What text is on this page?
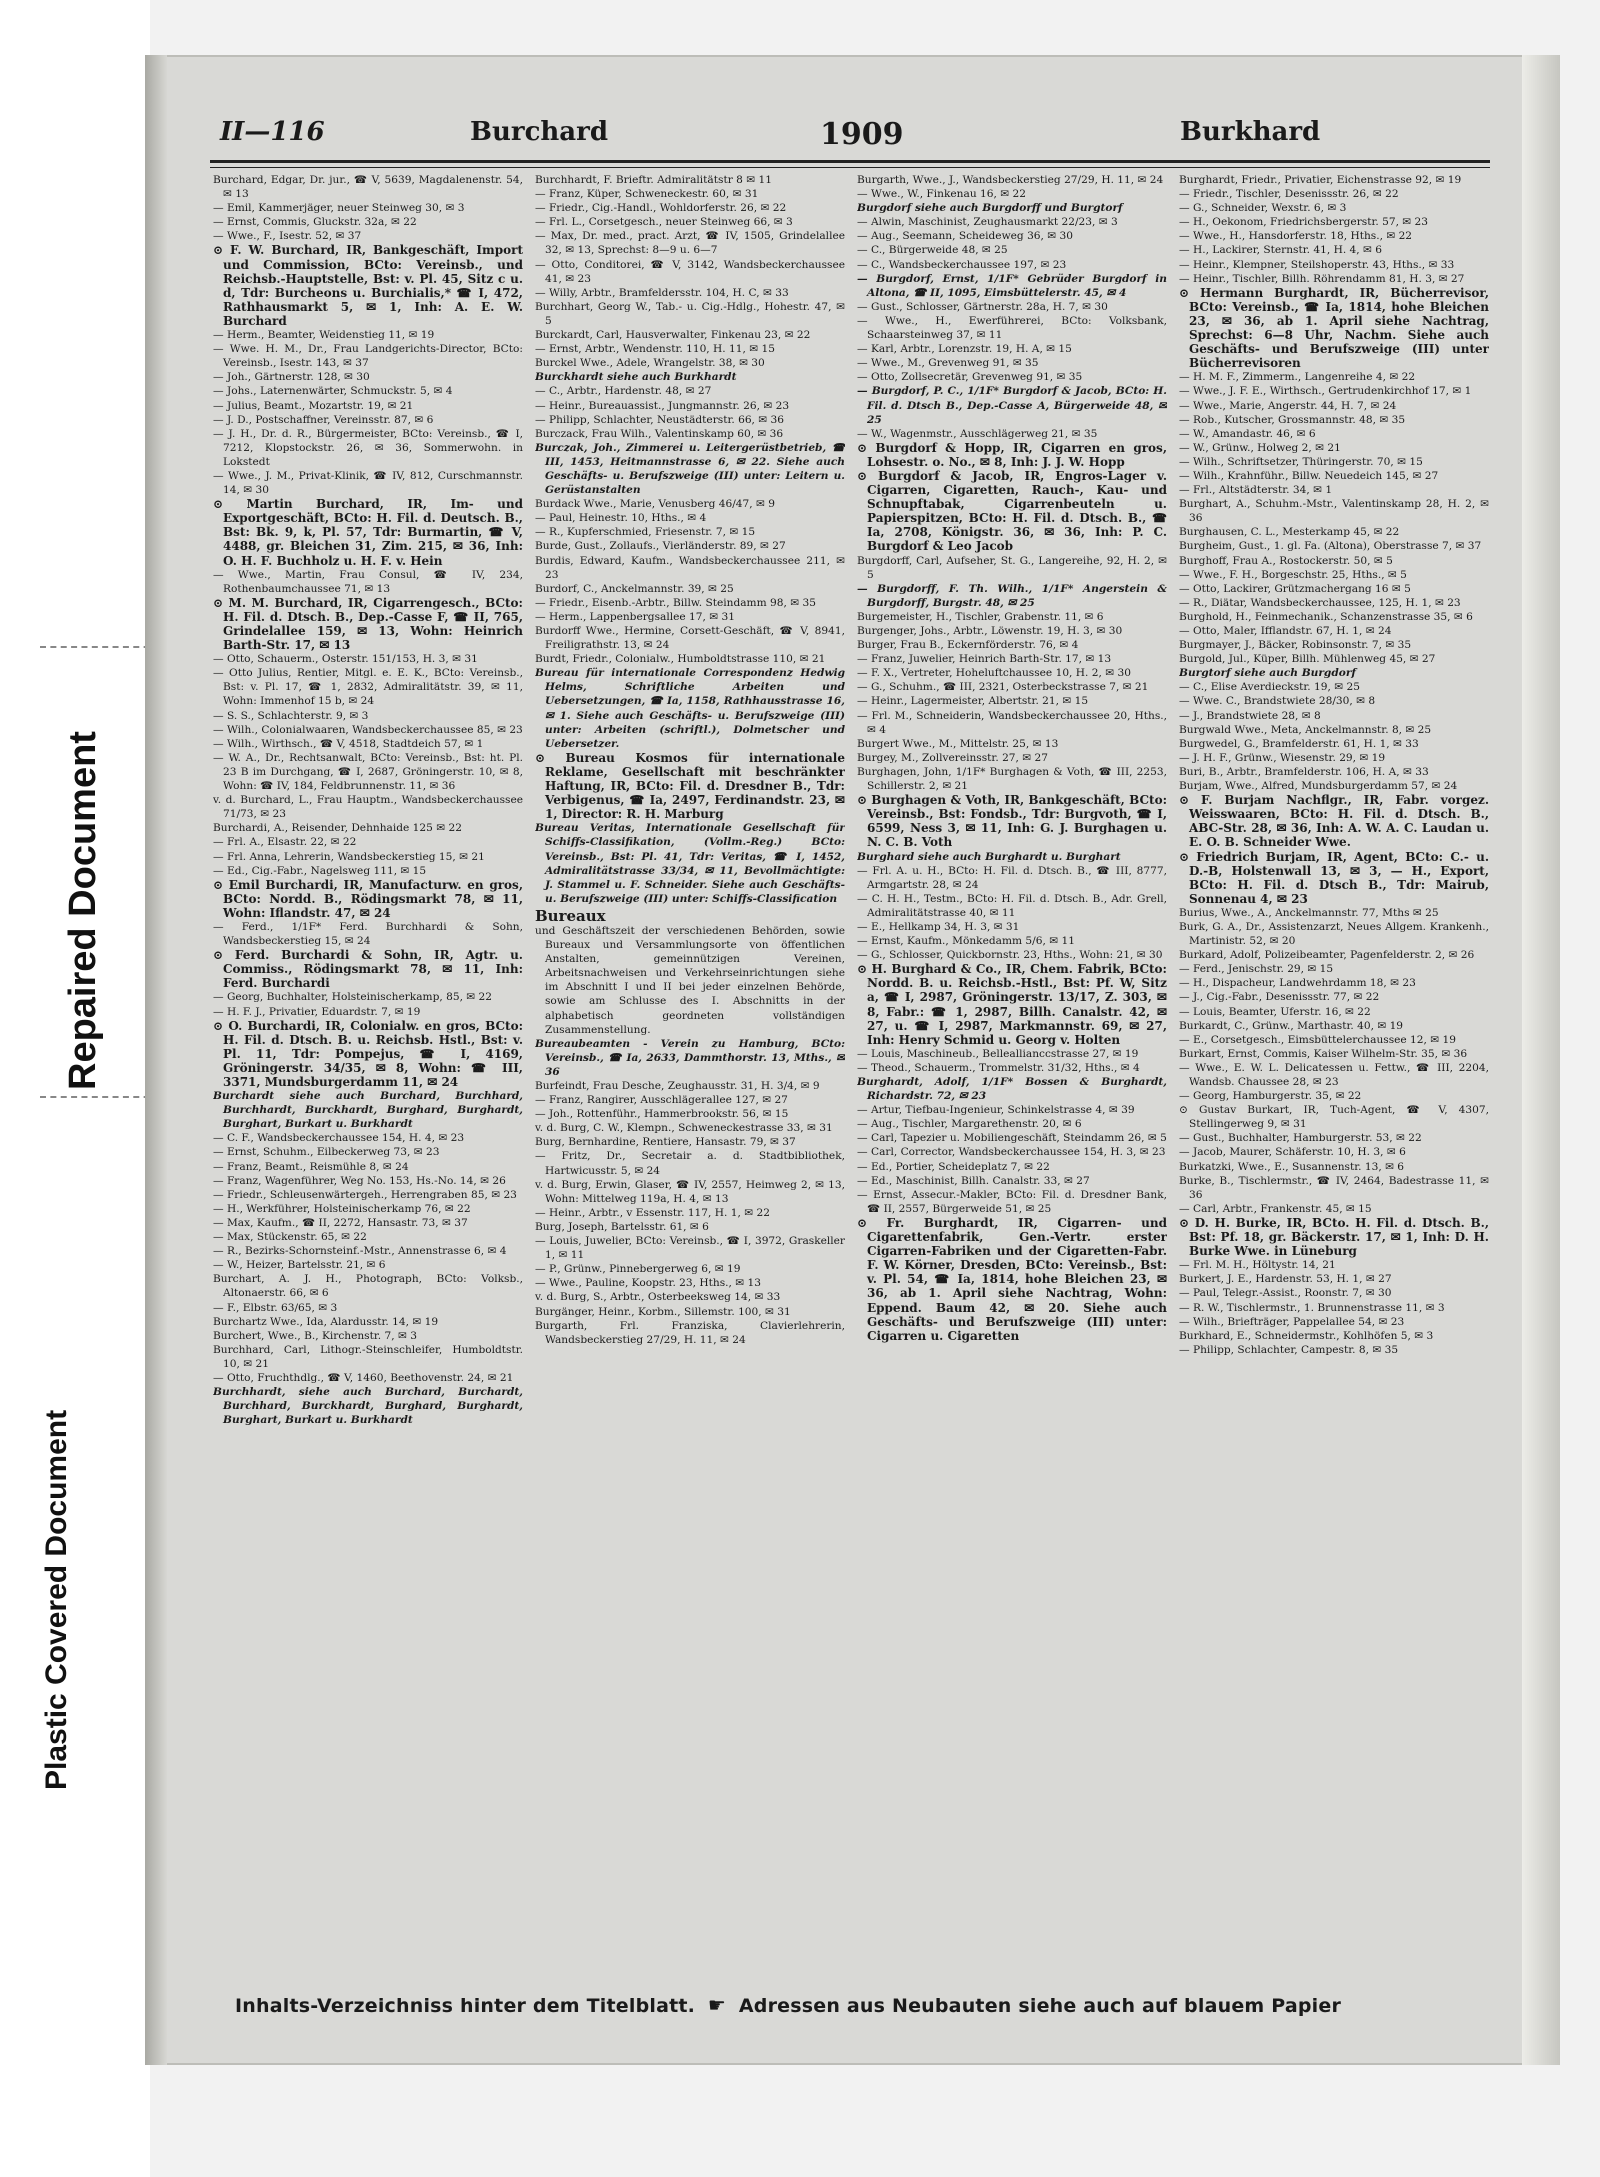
Repaired Document
Plastic Covered Document
II—116	Burchard	1909	Burkhard

Burchard, Edgar, Dr. jur., ☎ V, 5639, Magdalenenstr. 54, ✉ 13

— Emil, Kammerjäger, neuer Steinweg 30, ✉ 3

— Ernst, Commis, Gluckstr. 32a, ✉ 22

— Wwe., F., Isestr. 52, ✉ 37

⊙ F. W. Burchard, IR, Bankgeschäft, Import und Commission, BCto: Vereinsb., und Reichsb.-Hauptstelle, Bst: v. Pl. 45, Sitz c u. d, Tdr: Burcheons u. Burchialis,* ☎ I, 472, Rathhausmarkt 5, ✉ 1, Inh: A. E. W. Burchard

— Herm., Beamter, Weidenstieg 11, ✉ 19

— Wwe. H. M., Dr., Frau Landgerichts-Director, BCto: Vereinsb., Isestr. 143, ✉ 37

— Joh., Gärtnerstr. 128, ✉ 30

— Johs., Laternenwärter, Schmuckstr. 5, ✉ 4

— Julius, Beamt., Mozartstr. 19, ✉ 21

— J. D., Postschaffner, Vereinsstr. 87, ✉ 6

— J. H., Dr. d. R., Bürgermeister, BCto: Vereinsb., ☎ I, 7212, Klopstockstr. 26, ✉ 36, Sommerwohn. in Lokstedt

— Wwe., J. M., Privat-Klinik, ☎ IV, 812, Curschmannstr. 14, ✉ 30

⊙ Martin Burchard, IR, Im- und Exportgeschäft, BCto: H. Fil. d. Deutsch. B., Bst: Bk. 9, k, Pl. 57, Tdr: Burmartin, ☎ V, 4488, gr. Bleichen 31, Zim. 215, ✉ 36, Inh: O. H. F. Buchholz u. H. F. v. Hein

— Wwe., Martin, Frau Consul, ☎ IV, 234, Rothenbaumchaussee 71, ✉ 13

⊙ M. M. Burchard, IR, Cigarrengesch., BCto: H. Fil. d. Dtsch. B., Dep.-Casse F, ☎ II, 765, Grindelallee 159, ✉ 13, Wohn: Heinrich Barth-Str. 17, ✉ 13

— Otto, Schauerm., Osterstr. 151/153, H. 3, ✉ 31

— Otto Julius, Rentier, Mitgl. e. E. K., BCto: Vereinsb., Bst: v. Pl. 17, ☎ 1, 2832, Admiralitätstr. 39, ✉ 11, Wohn: Immenhof 15 b, ✉ 24

— S. S., Schlachterstr. 9, ✉ 3

— Wilh., Colonialwaaren, Wandsbeckerchaussee 85, ✉ 23

— Wilh., Wirthsch., ☎ V, 4518, Stadtdeich 57, ✉ 1

— W. A., Dr., Rechtsanwalt, BCto: Vereinsb., Bst: ht. Pl. 23 B im Durchgang, ☎ I, 2687, Gröningerstr. 10, ✉ 8, Wohn: ☎ IV, 184, Feldbrunnenstr. 11, ✉ 36

v. d. Burchard, L., Frau Hauptm., Wandsbeckerchaussee 71/73, ✉ 23

Burchardi, A., Reisender, Dehnhaide 125 ✉ 22

— Frl. A., Elsastr. 22, ✉ 22

— Frl. Anna, Lehrerin, Wandsbeckerstieg 15, ✉ 21

— Ed., Cig.-Fabr., Nagelsweg 111, ✉ 15

⊙ Emil Burchardi, IR, Manufacturw. en gros, BCto: Nordd. B., Rödingsmarkt 78, ✉ 11, Wohn: Iflandstr. 47, ✉ 24

— Ferd., 1/1F* Ferd. Burchhardi & Sohn, Wandsbeckerstieg 15, ✉ 24

⊙ Ferd. Burchardi & Sohn, IR, Agtr. u. Commiss., Rödingsmarkt 78, ✉ 11, Inh: Ferd. Burchardi

— Georg, Buchhalter, Holsteinischerkamp, 85, ✉ 22

— H. F. J., Privatier, Eduardstr. 7, ✉ 19

⊙ O. Burchardi, IR, Colonialw. en gros, BCto: H. Fil. d. Dtsch. B. u. Reichsb. Hstl., Bst: v. Pl. 11, Tdr: Pompejus, ☎ I, 4169, Gröningerstr. 34/35, ✉ 8, Wohn: ☎ III, 3371, Mundsburgerdamm 11, ✉ 24

Burchardt siehe auch Burchard, Burchhard, Burchhardt, Burckhardt, Burghard, Burghardt, Burghart, Burkart u. Burkhardt

— C. F., Wandsbeckerchaussee 154, H. 4, ✉ 23

— Ernst, Schuhm., Eilbeckerweg 73, ✉ 23

— Franz, Beamt., Reismühle 8, ✉ 24

— Franz, Wagenführer, Weg No. 153, Hs.-No. 14, ✉ 26

— Friedr., Schleusenwärtergeh., Herrengraben 85, ✉ 23

— H., Werkführer, Holsteinischerkamp 76, ✉ 22

— Max, Kaufm., ☎ II, 2272, Hansastr. 73, ✉ 37

— Max, Stückenstr. 65, ✉ 22

— R., Bezirks-Schornsteinf.-Mstr., Annenstrasse 6, ✉ 4

— W., Heizer, Bartelsstr. 21, ✉ 6

Burchart, A. J. H., Photograph, BCto: Volksb., Altonaerstr. 66, ✉ 6

— F., Elbstr. 63/65, ✉ 3

Burchartz Wwe., Ida, Alardusstr. 14, ✉ 19

Burchert, Wwe., B., Kirchenstr. 7, ✉ 3

Burchhard, Carl, Lithogr.-Steinschleifer, Humboldtstr. 10, ✉ 21

— Otto, Fruchthdlg., ☎ V, 1460, Beethovenstr. 24, ✉ 21

Burchhardt, siehe auch Burchard, Burchardt, Burchhard, Burckhardt, Burghard, Burghardt, Burghart, Burkart u. Burkhardt

Burchhardt, F. Brieftr. Admiralitätstr 8 ✉ 11

— Franz, Küper, Schweneckestr. 60, ✉ 31

— Friedr., Cig.-Handl., Wohldorferstr. 26, ✉ 22

— Frl. L., Corsetgesch., neuer Steinweg 66, ✉ 3

— Max, Dr. med., pract. Arzt, ☎ IV, 1505, Grindelallee 32, ✉ 13, Sprechst: 8—9 u. 6—7

— Otto, Conditorei, ☎ V, 3142, Wandsbeckerchaussee 41, ✉ 23

— Willy, Arbtr., Bramfeldersstr. 104, H. C, ✉ 33

Burchhart, Georg W., Tab.- u. Cig.-Hdlg., Hohestr. 47, ✉ 5

Burckardt, Carl, Hausverwalter, Finkenau 23, ✉ 22

— Ernst, Arbtr., Wendenstr. 110, H. 11, ✉ 15

Burckel Wwe., Adele, Wrangelstr. 38, ✉ 30

Burckhardt siehe auch Burkhardt

— C., Arbtr., Hardenstr. 48, ✉ 27

— Heinr., Bureauassist., Jungmannstr. 26, ✉ 23

— Philipp, Schlachter, Neustädterstr. 66, ✉ 36

Burczack, Frau Wilh., Valentinskamp 60, ✉ 36

Burczak, Joh., Zimmerei u. Leitergerüstbetrieb, ☎ III, 1453, Heitmannstrasse 6, ✉ 22. Siehe auch Geschäfts- u. Berufszweige (III) unter: Leitern u. Gerüstanstalten

Burdack Wwe., Marie, Venusberg 46/47, ✉ 9

— Paul, Heinestr. 10, Hths., ✉ 4

— R., Kupferschmied, Friesenstr. 7, ✉ 15

Burde, Gust., Zollaufs., Vierländerstr. 89, ✉ 27

Burdis, Edward, Kaufm., Wandsbeckerchaussee 211, ✉ 23

Burdorf, C., Anckelmannstr. 39, ✉ 25

— Friedr., Eisenb.-Arbtr., Billw. Steindamm 98, ✉ 35

— Herm., Lappenbergsallee 17, ✉ 31

Burdorff Wwe., Hermine, Corsett-Geschäft, ☎ V, 8941, Freiligrathstr. 13, ✉ 24

Burdt, Friedr., Colonialw., Humboldtstrasse 110, ✉ 21

Bureau für internationale Correspondenz Hedwig Helms, Schriftliche Arbeiten und Uebersetzungen, ☎ Ia, 1158, Rathhausstrasse 16, ✉ 1. Siehe auch Geschäfts- u. Berufszweige (III) unter: Arbeiten (schriftl.), Dolmetscher und Uebersetzer.

⊙ Bureau Kosmos für internationale Reklame, Gesellschaft mit beschränkter Haftung, IR, BCto: Fil. d. Dresdner B., Tdr: Verbigenus, ☎ Ia, 2497, Ferdinandstr. 23, ✉ 1, Director: R. H. Marburg

Bureau Veritas, Internationale Gesellschaft für Schiffs-Classifikation, (Vollm.-Reg.) BCto: Vereinsb., Bst: Pl. 41, Tdr: Veritas, ☎ I, 1452, Admiralitätstrasse 33/34, ✉ 11, Bevollmächtigte: J. Stammel u. F. Schneider. Siehe auch Geschäfts- u. Berufszweige (III) unter: Schiffs-Classification

Bureaux

und Geschäftszeit der verschiedenen Behörden, sowie Bureaux und Versammlungsorte von öffentlichen Anstalten, gemeinnützigen Vereinen, Arbeitsnachweisen und Verkehrseinrichtungen siehe im Abschnitt I und II bei jeder einzelnen Behörde, sowie am Schlusse des I. Abschnitts in der alphabetisch geordneten vollständigen Zusammenstellung.

Bureaubeamten - Verein zu Hamburg, BCto: Vereinsb., ☎ Ia, 2633, Dammthorstr. 13, Mths., ✉ 36

Burfeindt, Frau Desche, Zeughausstr. 31, H. 3/4, ✉ 9

— Franz, Rangirer, Ausschlägerallee 127, ✉ 27

— Joh., Rottenführ., Hammerbrookstr. 56, ✉ 15

v. d. Burg, C. W., Klempn., Schweneckestrasse 33, ✉ 31

Burg, Bernhardine, Rentiere, Hansastr. 79, ✉ 37

— Fritz, Dr., Secretair a. d. Stadtbibliothek, Hartwicusstr. 5, ✉ 24

v. d. Burg, Erwin, Glaser, ☎ IV, 2557, Heimweg 2, ✉ 13, Wohn: Mittelweg 119a, H. 4, ✉ 13

— Heinr., Arbtr., v Essenstr. 117, H. 1, ✉ 22

Burg, Joseph, Bartelsstr. 61, ✉ 6

— Louis, Juwelier, BCto: Vereinsb., ☎ I, 3972, Graskeller 1, ✉ 11

— P., Grünw., Pinnebergerweg 6, ✉ 19

— Wwe., Pauline, Koopstr. 23, Hths., ✉ 13

v. d. Burg, S., Arbtr., Osterbeeksweg 14, ✉ 33

Burgänger, Heinr., Korbm., Sillemstr. 100, ✉ 31

Burgarth, Frl. Franziska, Clavierlehrerin, Wandsbeckerstieg 27/29, H. 11, ✉ 24

Burgarth, Wwe., J., Wandsbeckerstieg 27/29, H. 11, ✉ 24

— Wwe., W., Finkenau 16, ✉ 22

Burgdorf siehe auch Burgdorff und Burgtorf

— Alwin, Maschinist, Zeughausmarkt 22/23, ✉ 3

— Aug., Seemann, Scheideweg 36, ✉ 30

— C., Bürgerweide 48, ✉ 25

— C., Wandsbeckerchaussee 197, ✉ 23

— Burgdorf, Ernst, 1/1F* Gebrüder Burgdorf in Altona, ☎ II, 1095, Eimsbüttelerstr. 45, ✉ 4

— Gust., Schlosser, Gärtnerstr. 28a, H. 7, ✉ 30

— Wwe., H., Ewerführerei, BCto: Volksbank, Schaarsteinweg 37, ✉ 11

— Karl, Arbtr., Lorenzstr. 19, H. A, ✉ 15

— Wwe., M., Grevenweg 91, ✉ 35

— Otto, Zollsecretär, Grevenweg 91, ✉ 35

— Burgdorf, P. C., 1/1F* Burgdorf & Jacob, BCto: H. Fil. d. Dtsch B., Dep.-Casse A, Bürgerweide 48, ✉ 25

— W., Wagenmstr., Ausschlägerweg 21, ✉ 35

⊙ Burgdorf & Hopp, IR, Cigarren en gros, Lohsestr. o. No., ✉ 8, Inh: J. J. W. Hopp

⊙ Burgdorf & Jacob, IR, Engros-Lager v. Cigarren, Cigaretten, Rauch-, Kau- und Schnupftabak, Cigarrenbeuteln u. Papierspitzen, BCto: H. Fil. d. Dtsch. B., ☎ Ia, 2708, Königstr. 36, ✉ 36, Inh: P. C. Burgdorf & Leo Jacob

Burgdorff, Carl, Aufseher, St. G., Langereihe, 92, H. 2, ✉ 5

— Burgdorff, F. Th. Wilh., 1/1F* Angerstein & Burgdorff, Burgstr. 48, ✉ 25

Burgemeister, H., Tischler, Grabenstr. 11, ✉ 6

Burgenger, Johs., Arbtr., Löwenstr. 19, H. 3, ✉ 30

Burger, Frau B., Eckernförderstr. 76, ✉ 4

— Franz, Juwelier, Heinrich Barth-Str. 17, ✉ 13

— F. X., Vertreter, Hoheluftchaussee 10, H. 2, ✉ 30

— G., Schuhm., ☎ III, 2321, Osterbeckstrasse 7, ✉ 21

— Heinr., Lagermeister, Albertstr. 21, ✉ 15

— Frl. M., Schneiderin, Wandsbeckerchaussee 20, Hths., ✉ 4

Burgert Wwe., M., Mittelstr. 25, ✉ 13

Burgey, M., Zollvereinsstr. 27, ✉ 27

Burghagen, John, 1/1F* Burghagen & Voth, ☎ III, 2253, Schillerstr. 2, ✉ 21

⊙ Burghagen & Voth, IR, Bankgeschäft, BCto: Vereinsb., Bst: Fondsb., Tdr: Burgvoth, ☎ I, 6599, Ness 3, ✉ 11, Inh: G. J. Burghagen u. N. C. B. Voth

Burghard siehe auch Burghardt u. Burghart

— Frl. A. u. H., BCto: H. Fil. d. Dtsch. B., ☎ III, 8777, Armgartstr. 28, ✉ 24

— C. H. H., Testm., BCto: H. Fil. d. Dtsch. B., Adr. Grell, Admiralitätstrasse 40, ✉ 11

— E., Hellkamp 34, H. 3, ✉ 31

— Ernst, Kaufm., Mönkedamm 5/6, ✉ 11

— G., Schlosser, Quickbornstr. 23, Hths., Wohn: 21, ✉ 30

⊙ H. Burghard & Co., IR, Chem. Fabrik, BCto: Nordd. B. u. Reichsb.-Hstl., Bst: Pf. W, Sitz a, ☎ I, 2987, Gröningerstr. 13/17, Z. 303, ✉ 8, Fabr.: ☎ 1, 2987, Billh. Canalstr. 42, ✉ 27, u. ☎ I, 2987, Markmannstr. 69, ✉ 27, Inh: Henry Schmid u. Georg v. Holten

— Louis, Maschineub., Belleallianccstrasse 27, ✉ 19

— Theod., Schauerm., Trommelstr. 31/32, Hths., ✉ 4

Burghardt, Adolf, 1/1F* Bossen & Burghardt, Richardstr. 72, ✉ 23

— Artur, Tiefbau-Ingenieur, Schinkelstrasse 4, ✉ 39

— Aug., Tischler, Margarethenstr. 20, ✉ 6

— Carl, Tapezier u. Mobiliengeschäft, Steindamm 26, ✉ 5

— Carl, Corrector, Wandsbeckerchaussee 154, H. 3, ✉ 23

— Ed., Portier, Scheideplatz 7, ✉ 22

— Ed., Maschinist, Billh. Canalstr. 33, ✉ 27

— Ernst, Assecur.-Makler, BCto: Fil. d. Dresdner Bank, ☎ II, 2557, Bürgerweide 51, ✉ 25

⊙ Fr. Burghardt, IR, Cigarren- und Cigarettenfabrik, Gen.-Vertr. erster Cigarren-Fabriken und der Cigaretten-Fabr. F. W. Körner, Dresden, BCto: Vereinsb., Bst: v. Pl. 54, ☎ Ia, 1814, hohe Bleichen 23, ✉ 36, ab 1. April siehe Nachtrag, Wohn: Eppend. Baum 42, ✉ 20. Siehe auch Geschäfts- und Berufszweige (III) unter: Cigarren u. Cigaretten

Burghardt, Friedr., Privatier, Eichenstrasse 92, ✉ 19

— Friedr., Tischler, Desenissstr. 26, ✉ 22

— G., Schneider, Wexstr. 6, ✉ 3

— H., Oekonom, Friedrichsbergerstr. 57, ✉ 23

— Wwe., H., Hansdorferstr. 18, Hths., ✉ 22

— H., Lackirer, Sternstr. 41, H. 4, ✉ 6

— Heinr., Klempner, Steilshoperstr. 43, Hths., ✉ 33

— Heinr., Tischler, Billh. Röhrendamm 81, H. 3, ✉ 27

⊙ Hermann Burghardt, IR, Bücherrevisor, BCto: Vereinsb., ☎ Ia, 1814, hohe Bleichen 23, ✉ 36, ab 1. April siehe Nachtrag, Sprechst: 6—8 Uhr, Nachm. Siehe auch Geschäfts- und Berufszweige (III) unter Bücherrevisoren

— H. M. F., Zimmerm., Langenreihe 4, ✉ 22

— Wwe., J. F. E., Wirthsch., Gertrudenkirchhof 17, ✉ 1

— Wwe., Marie, Angerstr. 44, H. 7, ✉ 24

— Rob., Kutscher, Grossmannstr. 48, ✉ 35

— W., Amandastr. 46, ✉ 6

— W., Grünw., Holweg 2, ✉ 21

— Wilh., Schriftsetzer, Thüringerstr. 70, ✉ 15

— Wilh., Krahnführ., Billw. Neuedeich 145, ✉ 27

— Frl., Altstädterstr. 34, ✉ 1

Burghart, A., Schuhm.-Mstr., Valentinskamp 28, H. 2, ✉ 36

Burghausen, C. L., Mesterkamp 45, ✉ 22

Burgheim, Gust., 1. gl. Fa. (Altona), Oberstrasse 7, ✉ 37

Burghoff, Frau A., Rostockerstr. 50, ✉ 5

— Wwe., F. H., Borgeschstr. 25, Hths., ✉ 5

— Otto, Lackirer, Grützmachergang 16 ✉ 5

— R., Diätar, Wandsbeckerchaussee, 125, H. 1, ✉ 23

Burghold, H., Feinmechanik., Schanzenstrasse 35, ✉ 6

— Otto, Maler, Ifflandstr. 67, H. 1, ✉ 24

Burgmayer, J., Bäcker, Robinsonstr. 7, ✉ 35

Burgold, Jul., Küper, Billh. Mühlenweg 45, ✉ 27

Burgtorf siehe auch Burgdorf

— C., Elise Averdieckstr. 19, ✉ 25

— Wwe. C., Brandstwiete 28/30, ✉ 8

— J., Brandstwiete 28, ✉ 8

Burgwald Wwe., Meta, Anckelmannstr. 8, ✉ 25

Burgwedel, G., Bramfelderstr. 61, H. 1, ✉ 33

— J. H. F., Grünw., Wiesenstr. 29, ✉ 19

Buri, B., Arbtr., Bramfelderstr. 106, H. A, ✉ 33

Burjam, Wwe., Alfred, Mundsburgerdamm 57, ✉ 24

⊙ F. Burjam Nachflgr., IR, Fabr. vorgez. Weisswaaren, BCto: H. Fil. d. Dtsch. B., ABC-Str. 28, ✉ 36, Inh: A. W. A. C. Laudan u. E. O. B. Schneider Wwe.

⊙ Friedrich Burjam, IR, Agent, BCto: C.- u. D.-B, Holstenwall 13, ✉ 3, — H., Export, BCto: H. Fil. d. Dtsch B., Tdr: Mairub, Sonnenau 4, ✉ 23

Burius, Wwe., A., Anckelmannstr. 77, Mths ✉ 25

Burk, G. A., Dr., Assistenzarzt, Neues Allgem. Krankenh., Martinistr. 52, ✉ 20

Burkard, Adolf, Polizeibeamter, Pagenfelderstr. 2, ✉ 26

— Ferd., Jenischstr. 29, ✉ 15

— H., Dispacheur, Landwehrdamm 18, ✉ 23

— J., Cig.-Fabr., Desenissstr. 77, ✉ 22

— Louis, Beamter, Uferstr. 16, ✉ 22

Burkardt, C., Grünw., Marthastr. 40, ✉ 19

— E., Corsetgesch., Eimsbüttelerchaussee 12, ✉ 19

Burkart, Ernst, Commis, Kaiser Wilhelm-Str. 35, ✉ 36

— Wwe., E. W. L. Delicatessen u. Fettw., ☎ III, 2204, Wandsb. Chaussee 28, ✉ 23

— Georg, Hamburgerstr. 35, ✉ 22

⊙ Gustav Burkart, IR, Tuch-Agent, ☎ V, 4307, Stellingerweg 9, ✉ 31

— Gust., Buchhalter, Hamburgerstr. 53, ✉ 22

— Jacob, Maurer, Schäferstr. 10, H. 3, ✉ 6

Burkatzki, Wwe., E., Susannenstr. 13, ✉ 6

Burke, B., Tischlermstr., ☎ IV, 2464, Badestrasse 11, ✉ 36

— Carl, Arbtr., Frankenstr. 45, ✉ 15

⊙ D. H. Burke, IR, BCto. H. Fil. d. Dtsch. B., Bst: Pf. 18, gr. Bäckerstr. 17, ✉ 1, Inh: D. H. Burke Wwe. in Lüneburg

— Frl. M. H., Höltystr. 14, 21

Burkert, J. E., Hardenstr. 53, H. 1, ✉ 27

— Paul, Telegr.-Assist., Roonstr. 7, ✉ 30

— R. W., Tischlermstr., 1. Brunnenstrasse 11, ✉ 3

— Wilh., Briefträger, Pappelallee 54, ✉ 23

Burkhard, E., Schneidermstr., Kohlhöfen 5, ✉ 3

— Philipp, Schlachter, Campestr. 8, ✉ 35

Inhalts-Verzeichniss hinter dem Titelblatt. ☛ Adressen aus Neubauten siehe auch auf blauem Papier
